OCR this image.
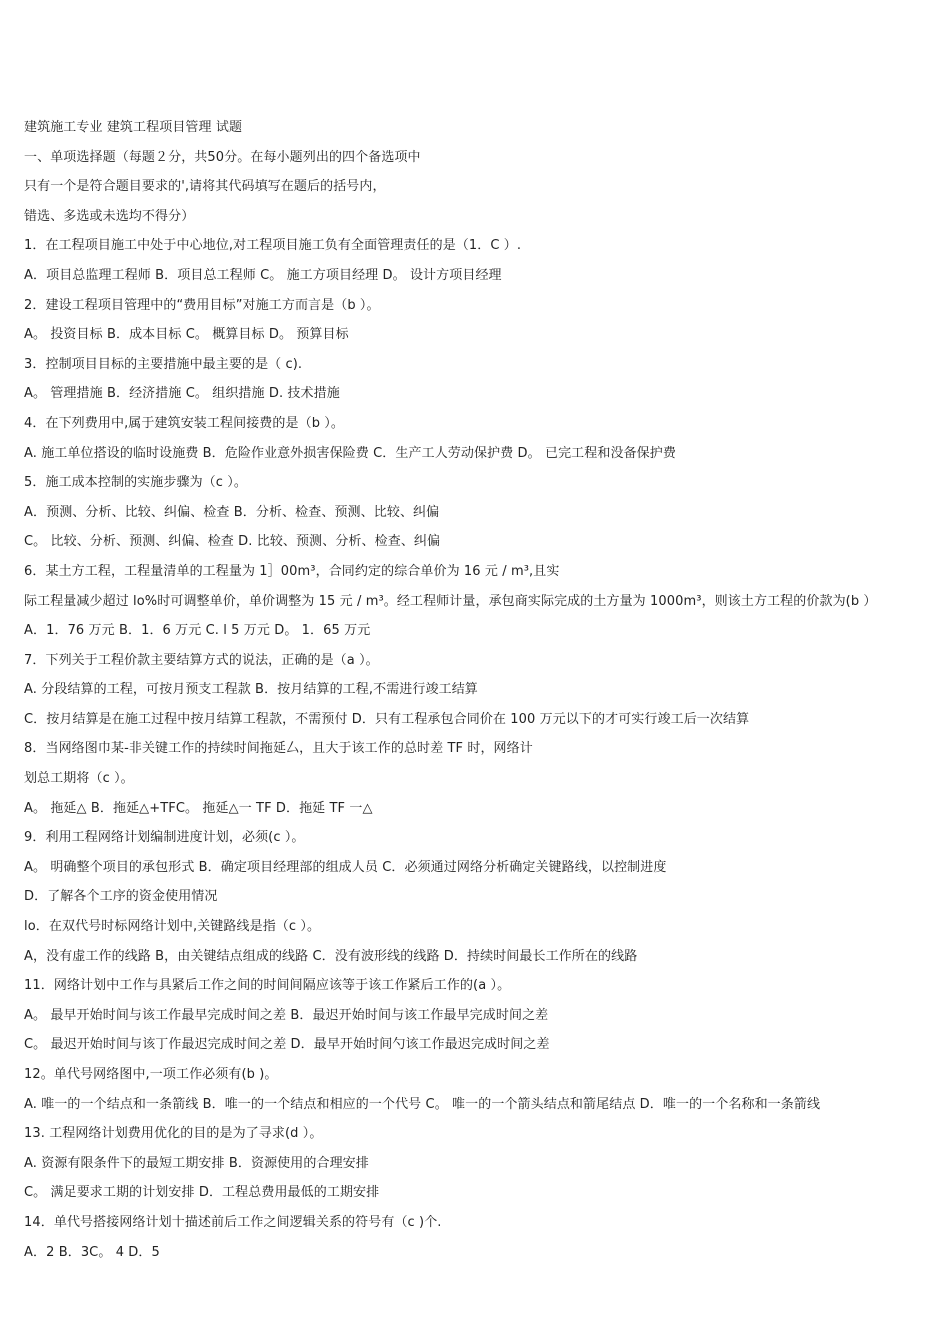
建筑施工专业 建筑工程项目管理 试题
一、单项选择题（每题２分，共50分。在每小题列出的四个备选项中
只有一个是符合题目要求的',请将其代码填写在题后的括号内，
错选、多选或未选均不得分）
1．在工程项目施工中处于中心地位,对工程项目施工负有全面管理责任的是（1．C ）.
A．项目总监理工程师 B．项目总工程师 C。 施工方项目经理 D。 设计方项目经理
2．建设工程项目管理中的“费用目标”对施工方而言是（b ）。
A。 投资目标 B．成本目标 C。 概算目标 D。 预算目标
3．控制项目目标的主要措施中最主要的是（ c).
A。 管理措施 B．经济措施 C。 组织措施 D. 技术措施
4．在下列费用中,属于建筑安装工程间接费的是（b ）。
A. 施工单位搭设的临时设施费 B．危险作业意外损害保险费 C．生产工人劳动保护费 D。 已完工程和没备保护费
5．施工成本控制的实施步骤为（c ）。
A．预测、分析、比较、纠偏、检查 B．分析、检查、预测、比较、纠偏
C。 比较、分析、预测、纠偏、检查 D. 比较、预测、分析、检查、纠偏
6．某土方工程，工程量清单的工程量为 1］00m³，合同约定的综合单价为 16 元 / m³,且实
际工程量减少超过 lo%时可调整单价，单价调整为 15 元 / m³。经工程师计量，承包商实际完成的土方量为 1000m³，则该土方工程的价款为(b ）
A．1．76 万元 B．1．6 万元 C. l 5 万元 D。 1．65 万元
7．下列关于工程价款主要结算方式的说法，正确的是（a ）。
A. 分段结算的工程，可按月预支工程款 B．按月结算的工程,不需进行竣工结算
C．按月结算是在施工过程中按月结算工程款，不需预付 D．只有工程承包合同价在 100 万元以下的才可实行竣工后一次结算
8．当网络图巾某-非关键工作的持续时间拖延厶，且大于该工作的总时差 TF 时，网络计
划总工期将（c ）。
A。 拖延△ B．拖延△+TFC。 拖延△一 TF D．拖延 TF 一△
9．利用工程网络计划编制进度计划，必须(c ）。
A。 明确整个项目的承包形式 B．确定项目经理部的组成人员 C．必须通过网络分析确定关键路线，以控制进度
D．了解各个工序的资金使用情况
lo．在双代号时标网络计划中,关键路线是指（c ）。
A，没有虚工作的线路 B，由关键结点组成的线路 C．没有波形线的线路 D．持续时间最长工作所在的线路
11．网络计划中工作与具紧后工作之间的时间间隔应该等于该工作紧后工作的(a ）。
A。 最早开始时间与该工作最早完成时间之差 B．最迟开始时间与该工作最早完成时间之差
C。 最迟开始时间与该丁作最迟完成时间之差 D．最早开始时间勺该工作最迟完成时间之差
12。单代号网络图中,一项工作必须有(b )。
A. 唯一的一个结点和一条箭线 B．唯一的一个结点和相应的一个代号 C。 唯一的一个箭头结点和箭尾结点 D．唯一的一个名称和一条箭线
13. 工程网络计划费用优化的目的是为了寻求(d ）。
A. 资源有限条件下的最短工期安排 B．资源使用的合理安排
C。 满足要求工期的计划安排 D．工程总费用最低的工期安排
14．单代号搭接网络计划十描述前后工作之间逻辑关系的符号有（c )个.
A．2 B．3C。 4 D．5
